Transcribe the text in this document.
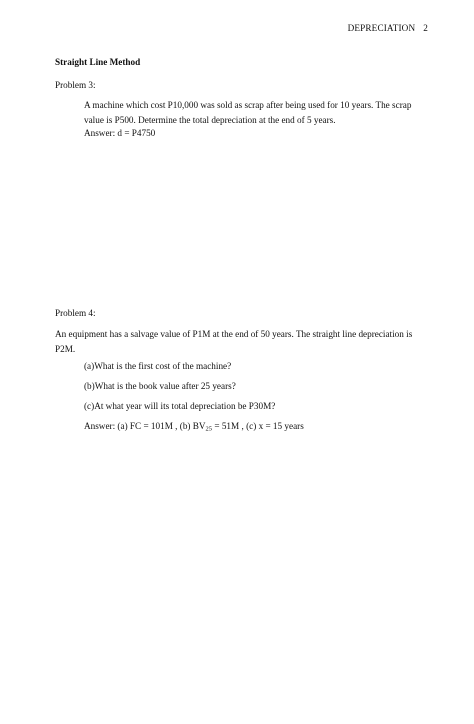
DEPRECIATION 2
Straight Line Method
Problem 3:
A machine which cost P10,000 was sold as scrap after being used for 10 years. The scrap value is P500. Determine the total depreciation at the end of 5 years.
Answer: d = P4750
Problem 4:
An equipment has a salvage value of P1M at the end of 50 years. The straight line depreciation is P2M.
(a)What is the first cost of the machine?
(b)What is the book value after 25 years?
(c)At what year will its total depreciation be P30M?
Answer: (a) FC = 101M , (b) $BV_{25} = 51M$ , (c) x = 15 years
